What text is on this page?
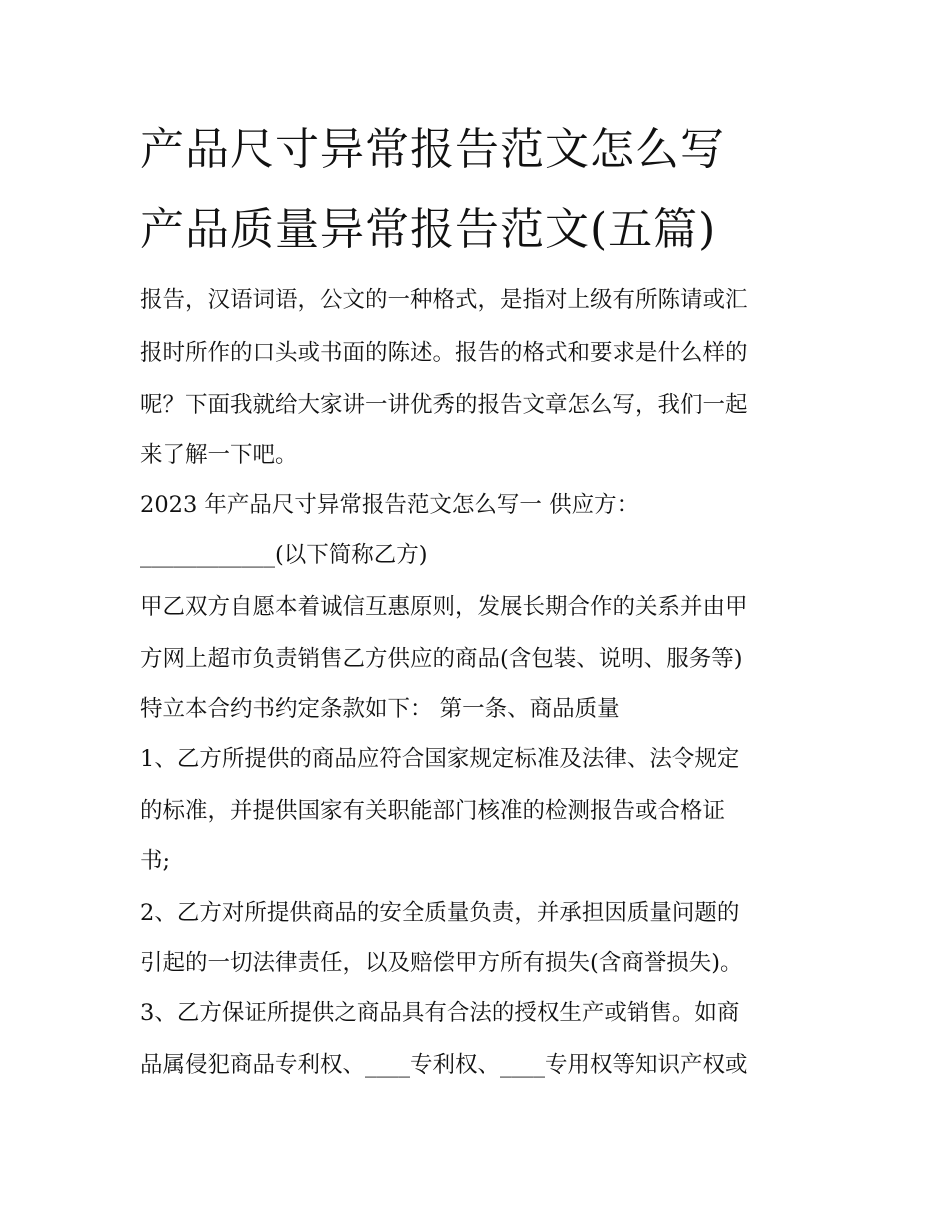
产品尺寸异常报告范文怎么写
产品质量异常报告范文(五篇)
报告，汉语词语，公文的一种格式，是指对上级有所陈请或汇
报时所作的口头或书面的陈述。报告的格式和要求是什么样的
呢？下面我就给大家讲一讲优秀的报告文章怎么写，我们一起
来了解一下吧。
2023 年产品尺寸异常报告范文怎么写一 供应方：
____________(以下简称乙方)
甲乙双方自愿本着诚信互惠原则，发展长期合作的关系并由甲
方网上超市负责销售乙方供应的商品(含包装、说明、服务等)
特立本合约书约定条款如下： 第一条、商品质量
1、乙方所提供的商品应符合国家规定标准及法律、法令规定
的标准，并提供国家有关职能部门核准的检测报告或合格证
书;
2、乙方对所提供商品的安全质量负责，并承担因质量问题的
引起的一切法律责任，以及赔偿甲方所有损失(含商誉损失)。
3、乙方保证所提供之商品具有合法的授权生产或销售。如商
品属侵犯商品专利权、____专利权、____专用权等知识产权或
